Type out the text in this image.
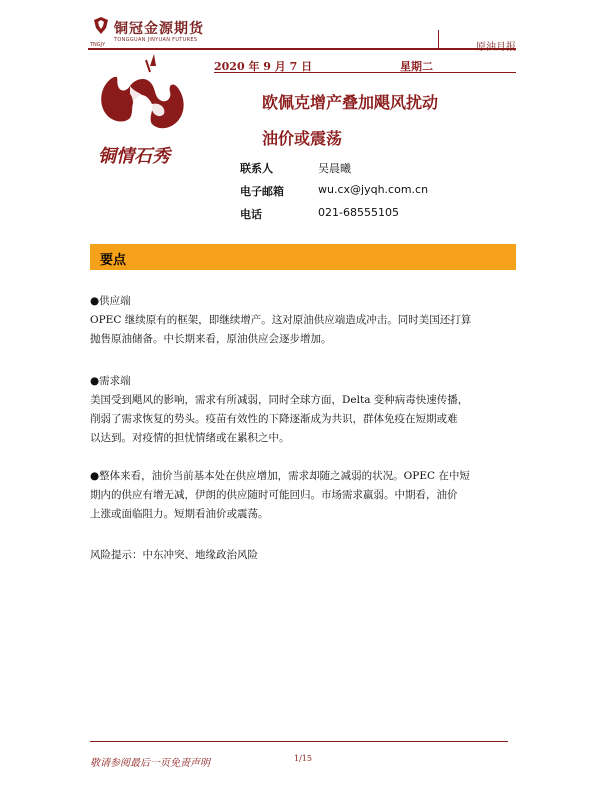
铜冠金源期货
TONGGUAN JINYUAN FUTURES
TNGJY	原油月报
2020 年 9 月 7 日	星期二
铜情石秀
欧佩克增产叠加飓风扰动
油价或震荡
联系人	吴晨曦
电子邮箱	wu.cx@jyqh.com.cn
电话	021-68555105
要点

●供应端

OPEC 继续原有的框架，即继续增产。这对原油供应端造成冲击。同时美国还打算

抛售原油储备。中长期来看，原油供应会逐步增加。

●需求端

美国受到飓风的影响，需求有所减弱，同时全球方面，Delta 变种病毒快速传播，

削弱了需求恢复的势头。疫苗有效性的下降逐渐成为共识，群体免疫在短期或难

以达到。对疫情的担忧情绪或在累积之中。

●整体来看，油价当前基本处在供应增加，需求却随之减弱的状况。OPEC 在中短

期内的供应有增无减，伊朗的供应随时可能回归。市场需求羸弱。中期看，油价

上涨或面临阻力。短期看油价或震荡。

风险提示：中东冲突、地缘政治风险

敬请参阅最后一页免责声明	1/15
